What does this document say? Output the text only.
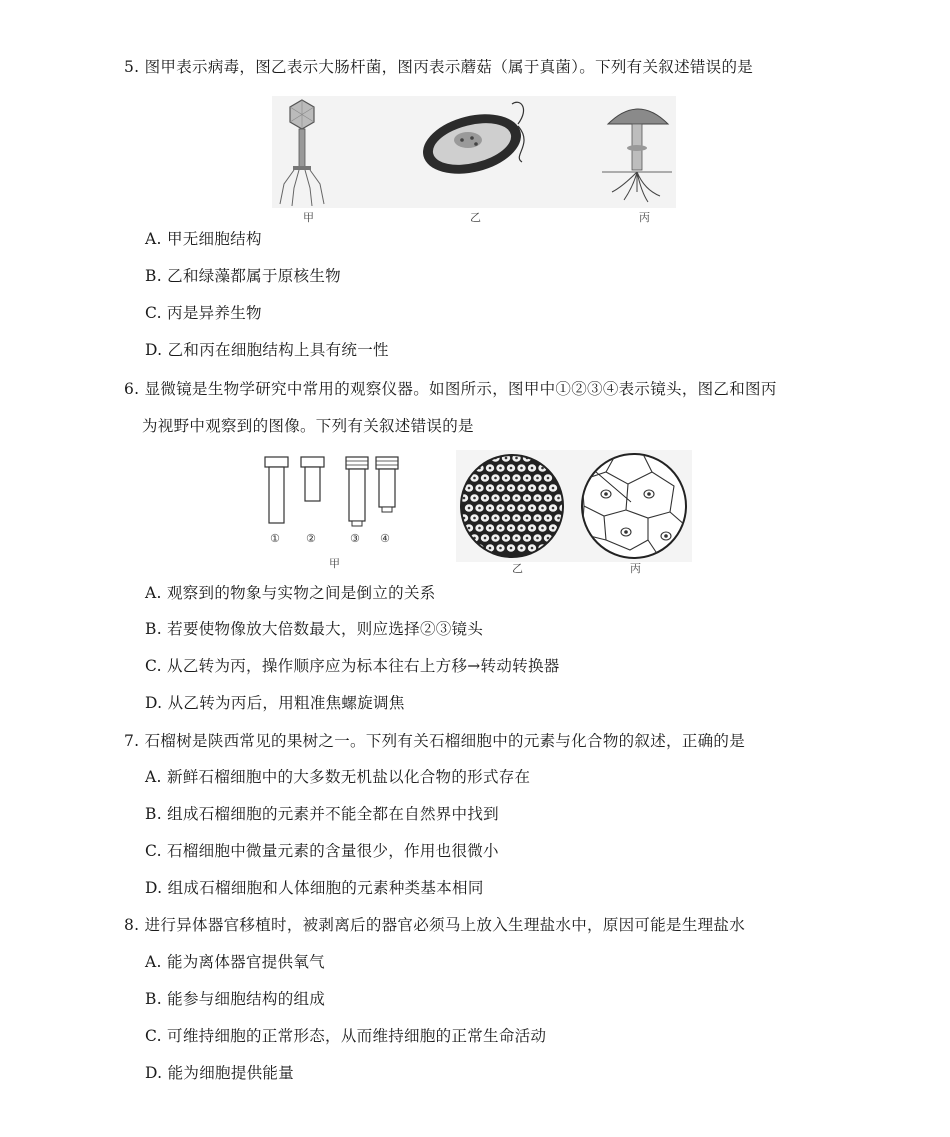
5. 图甲表示病毒，图乙表示大肠杆菌，图丙表示蘑菇（属于真菌）。下列有关叙述错误的是
甲	乙	丙
A. 甲无细胞结构
B. 乙和绿藻都属于原核生物
C. 丙是异养生物
D. 乙和丙在细胞结构上具有统一性
6. 显微镜是生物学研究中常用的观察仪器。如图所示，图甲中①②③④表示镜头，图乙和图丙
为视野中观察到的图像。下列有关叙述错误的是
① ②	③ ④
甲	乙	丙
A. 观察到的物象与实物之间是倒立的关系
B. 若要使物像放大倍数最大，则应选择②③镜头
C. 从乙转为丙，操作顺序应为标本往右上方移→转动转换器
D. 从乙转为丙后，用粗准焦螺旋调焦
7. 石榴树是陕西常见的果树之一。下列有关石榴细胞中的元素与化合物的叙述，正确的是
A. 新鲜石榴细胞中的大多数无机盐以化合物的形式存在
B. 组成石榴细胞的元素并不能全都在自然界中找到
C. 石榴细胞中微量元素的含量很少，作用也很微小
D. 组成石榴细胞和人体细胞的元素种类基本相同
8. 进行异体器官移植时，被剥离后的器官必须马上放入生理盐水中，原因可能是生理盐水
A. 能为离体器官提供氧气
B. 能参与细胞结构的组成
C. 可维持细胞的正常形态，从而维持细胞的正常生命活动
D. 能为细胞提供能量
